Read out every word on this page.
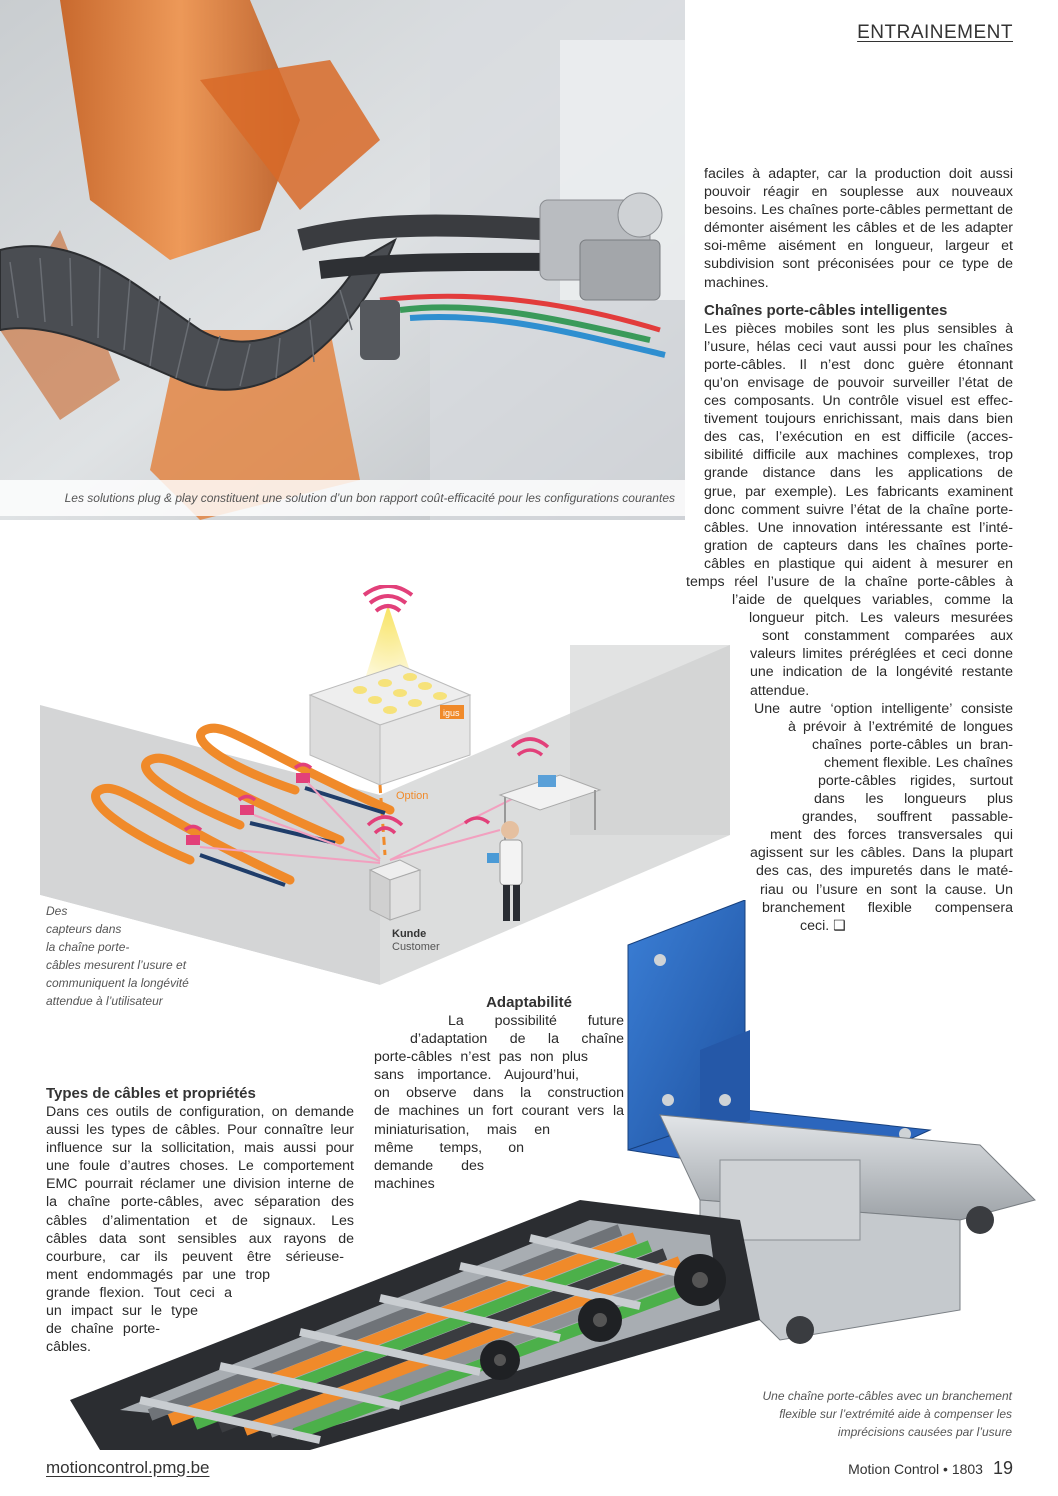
ENTRAINEMENT
Les solutions plug & play constituent une solution d’un bon rapport coût-efficacité pour les configurations courantes

faciles à adapter, car la production doit aussi pouvoir réagir en souplesse aux nouveaux besoins. Les chaînes porte-câbles permettant de démonter aisément les câbles et de les adapter soi-même aisément en longueur, largeur et subdivision sont préconisées pour ce type de machines.

Chaînes porte-câbles intelligentes

Les pièces mobiles sont les plus sensibles à
l’usure, hélas ceci vaut aussi pour les chaînes
porte-câbles. Il n’est donc guère étonnant
qu’on envisage de pouvoir surveiller l’état de
ces composants. Un contrôle visuel est effec-
tivement toujours enrichissant, mais dans bien
des cas, l’exécution en est difficile (acces-
sibilité difficile aux machines complexes, trop
grande distance dans les applications de
grue, par exemple). Les fabricants examinent
donc comment suivre l’état de la chaîne porte-
câbles. Une innovation intéressante est l’inté-
gration de capteurs dans les chaînes porte-
câbles en plastique qui aident à mesurer en
temps réel l’usure de la chaîne porte-câbles à
l’aide de quelques variables, comme la
longueur pitch. Les valeurs mesurées
sont constamment comparées aux
valeurs limites préréglées et ceci donne
une indication de la longévité restante
attendue.
Une autre ‘option intelligente’ consiste
à prévoir à l’extrémité de longues
chaînes porte-câbles un bran-
chement flexible. Les chaînes
porte-câbles rigides, surtout
dans les longueurs plus
grandes, souffrent passable-
ment des forces transversales qui
agissent sur les câbles. Dans la plupart
des cas, des impuretés dans le maté-
riau ou l’usure en sont la cause. Un
branchement flexible compensera
ceci. ❑
igus
Option
Kunde
Customer
Des
capteurs dans
la chaîne porte-
câbles mesurent l’usure et
communiquent la longévité
attendue à l’utilisateur	Adaptabilité

La possibilité future
d’adaptation de la chaîne
porte-câbles n’est pas non plus
sans importance. Aujourd’hui,
on observe dans la construction
de machines un fort courant vers la
miniaturisation, mais en
même temps, on
demande des
machines

Types de câbles et propriétés

Dans ces outils de configuration, on demande
aussi les types de câbles. Pour connaître leur
influence sur la sollicitation, mais aussi pour
une foule d’autres choses. Le comportement
EMC pourrait réclamer une division interne de
la chaîne porte-câbles, avec séparation des
câbles d’alimentation et de signaux. Les
câbles data sont sensibles aux rayons de
courbure, car ils peuvent être sérieuse-
ment endommagés par une trop
grande flexion. Tout ceci a
un impact sur le type
de chaîne porte-
câbles.
Une chaîne porte-câbles avec un branchement
flexible sur l’extrémité aide à compenser les
imprécisions causées par l’usure
motioncontrol.pmg.be	Motion Control • 1803 19
